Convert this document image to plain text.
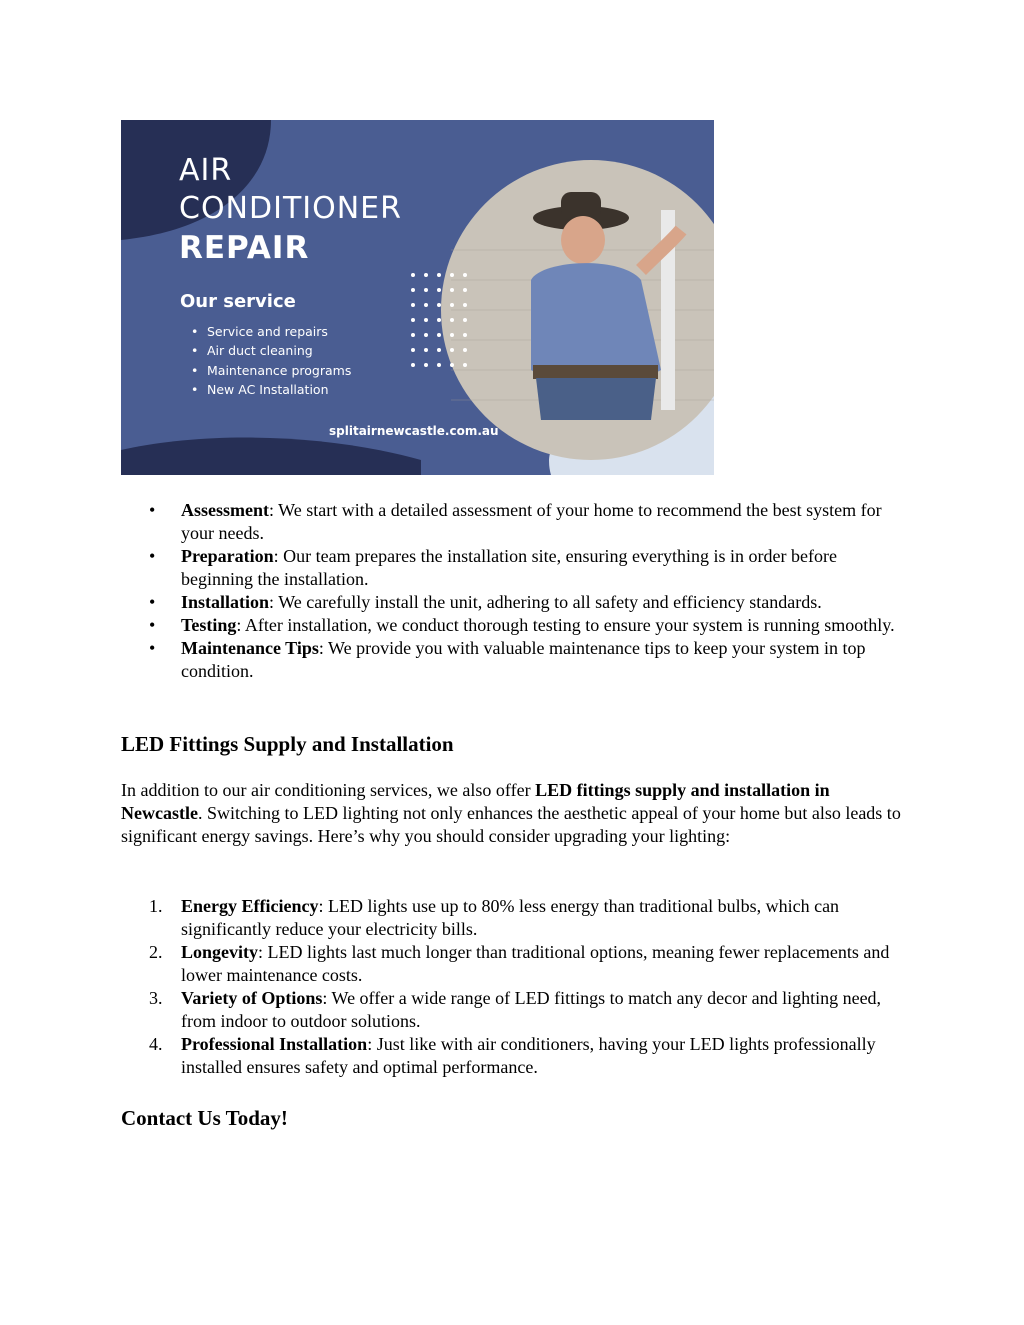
AIR
CONDITIONER
REPAIR
Our service
• Service and repairs
• Air duct cleaning
• Maintenance programs
• New AC Installation
splitairnewcastle.com.au
• Assessment: We start with a detailed assessment of your home to recommend the best system for your needs.
• Preparation: Our team prepares the installation site, ensuring everything is in order before beginning the installation.
• Installation: We carefully install the unit, adhering to all safety and efficiency standards.
• Testing: After installation, we conduct thorough testing to ensure your system is running smoothly.
• Maintenance Tips: We provide you with valuable maintenance tips to keep your system in top condition.
LED Fittings Supply and Installation

In addition to our air conditioning services, we also offer LED fittings supply and installation in Newcastle. Switching to LED lighting not only enhances the aesthetic appeal of your home but also leads to significant energy savings. Here’s why you should consider upgrading your lighting:

1. Energy Efficiency: LED lights use up to 80% less energy than traditional bulbs, which can significantly reduce your electricity bills.
2. Longevity: LED lights last much longer than traditional options, meaning fewer replacements and lower maintenance costs.
3. Variety of Options: We offer a wide range of LED fittings to match any decor and lighting need, from indoor to outdoor solutions.
4. Professional Installation: Just like with air conditioners, having your LED lights professionally installed ensures safety and optimal performance.
Contact Us Today!
